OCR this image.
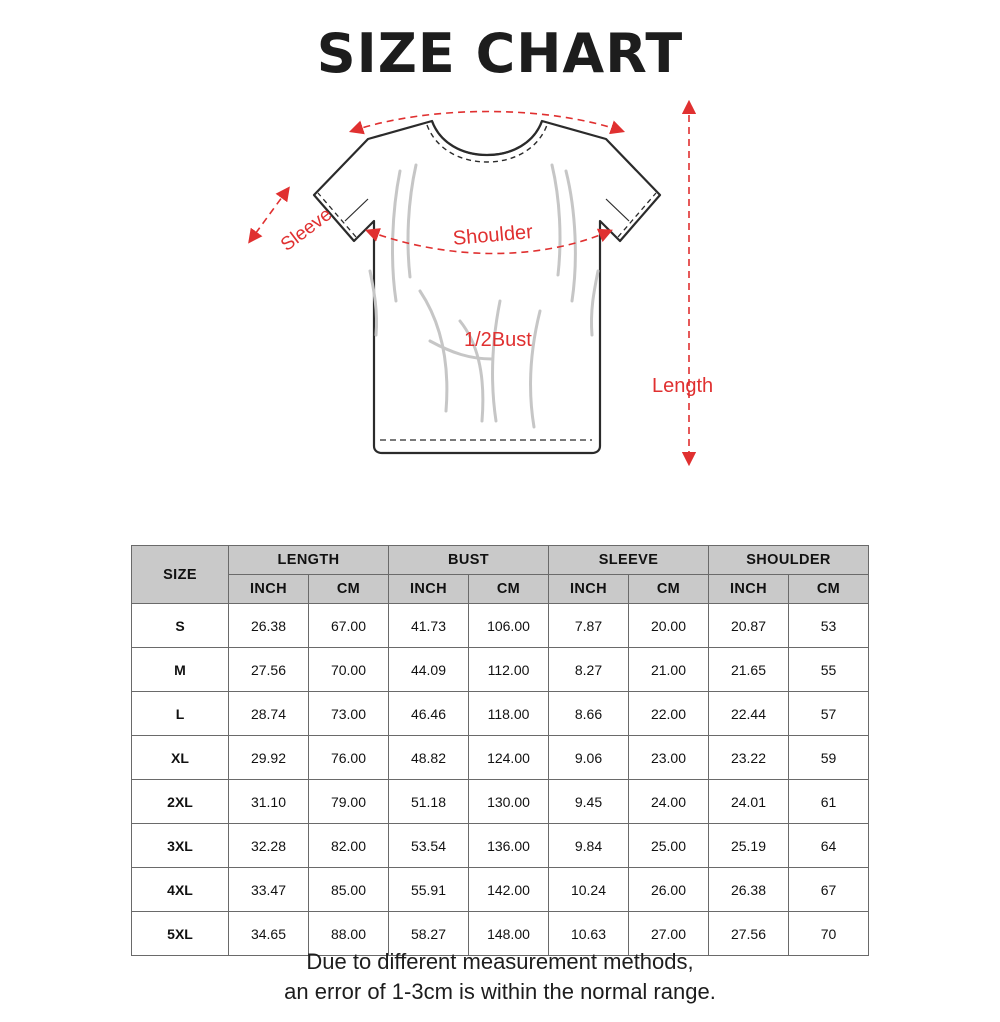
SIZE CHART
Sleeve	Shoulder
1/2Bust
Length
SIZE	LENGTH		BUST		SLEEVE		SHOULDER	
	INCH	CM	INCH	CM	INCH	CM	INCH	CM
S	26.38	67.00	41.73	106.00	7.87	20.00	20.87	53
M	27.56	70.00	44.09	112.00	8.27	21.00	21.65	55
L	28.74	73.00	46.46	118.00	8.66	22.00	22.44	57
XL	29.92	76.00	48.82	124.00	9.06	23.00	23.22	59
2XL	31.10	79.00	51.18	130.00	9.45	24.00	24.01	61
3XL	32.28	82.00	53.54	136.00	9.84	25.00	25.19	64
4XL	33.47	85.00	55.91	142.00	10.24	26.00	26.38	67
5XL	34.65	88.00	58.27	148.00	10.63	27.00	27.56	70
Due to different measurement methods,
an error of 1-3cm is within the normal range.
